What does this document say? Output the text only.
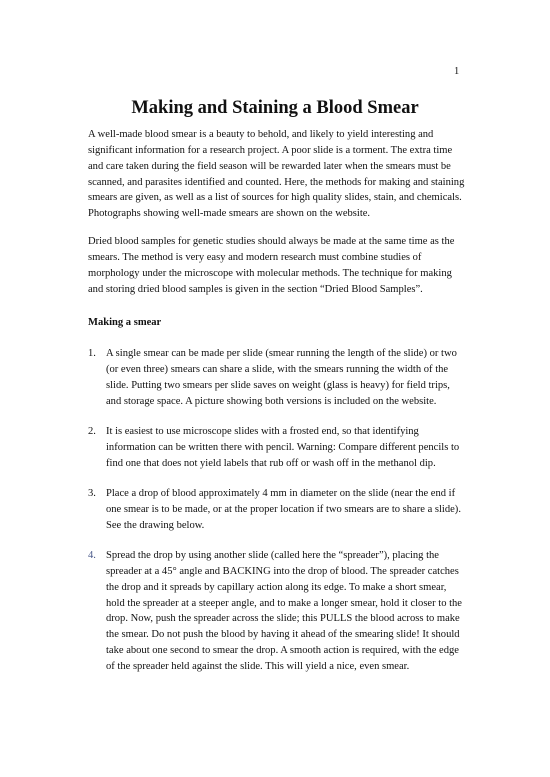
1
Making and Staining a Blood Smear

A well-made blood smear is a beauty to behold, and likely to yield interesting and
significant information for a research project. A poor slide is a torment. The extra time
and care taken during the field season will be rewarded later when the smears must be
scanned, and parasites identified and counted. Here, the methods for making and staining
smears are given, as well as a list of sources for high quality slides, stain, and chemicals.
Photographs showing well-made smears are shown on the website.

Dried blood samples for genetic studies should always be made at the same time as the
smears. The method is very easy and modern research must combine studies of
morphology under the microscope with molecular methods. The technique for making
and storing dried blood samples is given in the section “Dried Blood Samples”.

Making a smear

1. A single smear can be made per slide (smear running the length of the slide) or two
(or even three) smears can share a slide, with the smears running the width of the
slide. Putting two smears per slide saves on weight (glass is heavy) for field trips,
and storage space. A picture showing both versions is included on the website.
2. It is easiest to use microscope slides with a frosted end, so that identifying
information can be written there with pencil. Warning: Compare different pencils to
find one that does not yield labels that rub off or wash off in the methanol dip.
3. Place a drop of blood approximately 4 mm in diameter on the slide (near the end if
one smear is to be made, or at the proper location if two smears are to share a slide).
See the drawing below.
4. Spread the drop by using another slide (called here the “spreader”), placing the
spreader at a 45° angle and BACKING into the drop of blood. The spreader catches
the drop and it spreads by capillary action along its edge. To make a short smear,
hold the spreader at a steeper angle, and to make a longer smear, hold it closer to the
drop. Now, push the spreader across the slide; this PULLS the blood across to make
the smear. Do not push the blood by having it ahead of the smearing slide! It should
take about one second to smear the drop. A smooth action is required, with the edge
of the spreader held against the slide. This will yield a nice, even smear.
